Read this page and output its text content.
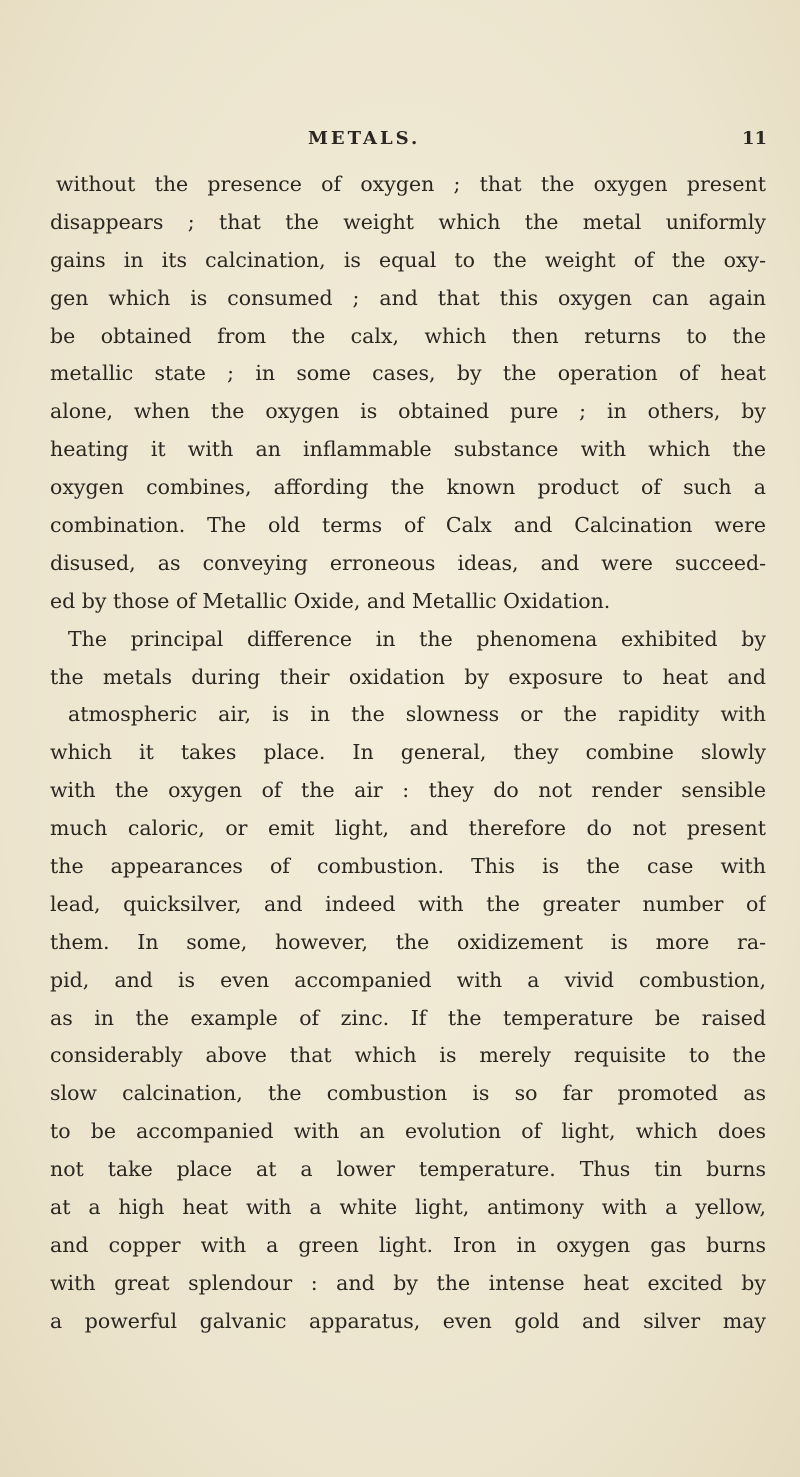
METALS.	11
without the presence of oxygen ; that the oxygen present
disappears ; that the weight which the metal uniformly
gains in its calcination, is equal to the weight of the oxy-
gen which is consumed ; and that this oxygen can again
be obtained from the calx, which then returns to the
metallic state ; in some cases, by the operation of heat
alone, when the oxygen is obtained pure ; in others, by
heating it with an inflammable substance with which the
oxygen combines, affording the known product of such a
combination. The old terms of Calx and Calcination were
disused, as conveying erroneous ideas, and were succeed-
ed by those of Metallic Oxide, and Metallic Oxidation.
The principal difference in the phenomena exhibited by
the metals during their oxidation by exposure to heat and
atmospheric air, is in the slowness or the rapidity with
which it takes place. In general, they combine slowly
with the oxygen of the air : they do not render sensible
much caloric, or emit light, and therefore do not present
the appearances of combustion. This is the case with
lead, quicksilver, and indeed with the greater number of
them. In some, however, the oxidizement is more ra-
pid, and is even accompanied with a vivid combustion,
as in the example of zinc. If the temperature be raised
considerably above that which is merely requisite to the
slow calcination, the combustion is so far promoted as
to be accompanied with an evolution of light, which does
not take place at a lower temperature. Thus tin burns
at a high heat with a white light, antimony with a yellow,
and copper with a green light. Iron in oxygen gas burns
with great splendour : and by the intense heat excited by
a powerful galvanic apparatus, even gold and silver may
